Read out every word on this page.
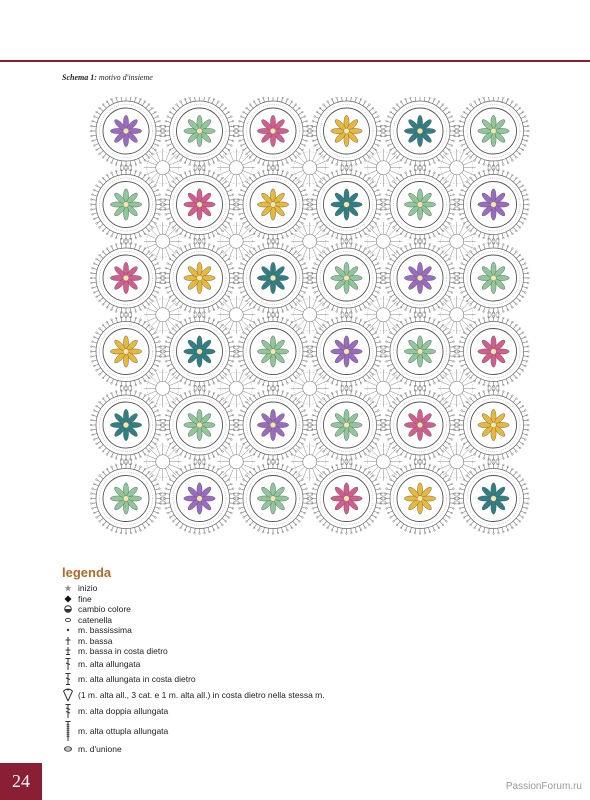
Schema 1: motivo d'insieme
legenda
inizio
fine
cambio colore
catenella
m. bassissima
m. bassa
m. bassa in costa dietro
m. alta allungata
m. alta allungata in costa dietro
(1 m. alta all., 3 cat. e 1 m. alta all.) in costa dietro nella stessa m.
m. alta doppia allungata
m. alta ottupla allungata
m. d'unione
24	PassionForum.ru
